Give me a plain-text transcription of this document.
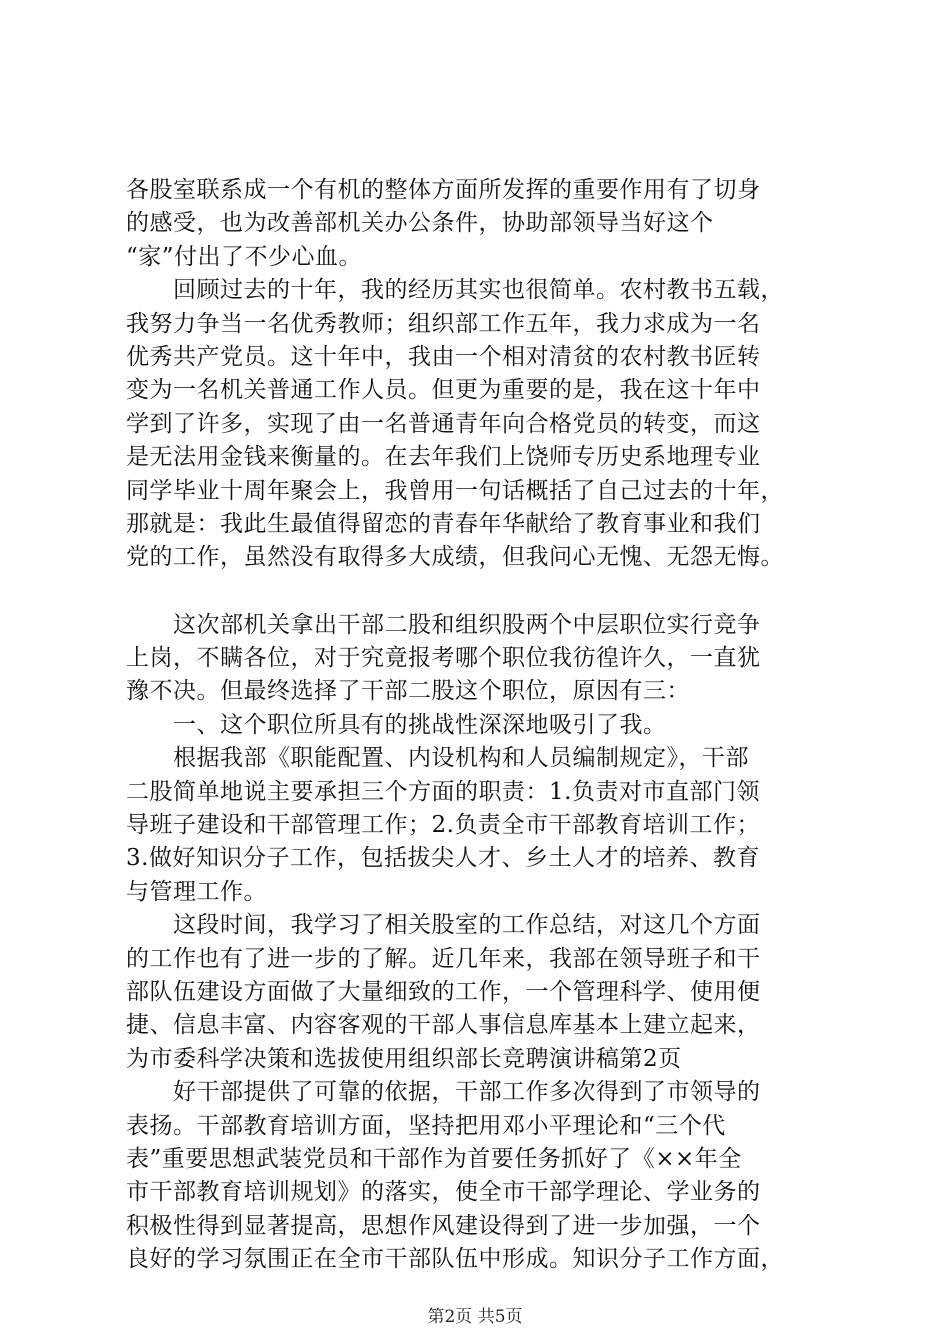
各股室联系成一个有机的整体方面所发挥的重要作用有了切身
的感受，也为改善部机关办公条件，协助部领导当好这个
“家”付出了不少心血。
　　回顾过去的十年，我的经历其实也很简单。农村教书五载，
我努力争当一名优秀教师；组织部工作五年，我力求成为一名
优秀共产党员。这十年中，我由一个相对清贫的农村教书匠转
变为一名机关普通工作人员。但更为重要的是，我在这十年中
学到了许多，实现了由一名普通青年向合格党员的转变，而这
是无法用金钱来衡量的。在去年我们上饶师专历史系地理专业
同学毕业十周年聚会上，我曾用一句话概括了自己过去的十年，
那就是：我此生最值得留恋的青春年华献给了教育事业和我们
党的工作，虽然没有取得多大成绩，但我问心无愧、无怨无悔。
　　这次部机关拿出干部二股和组织股两个中层职位实行竞争
上岗，不瞒各位，对于究竟报考哪个职位我彷徨许久，一直犹
豫不决。但最终选择了干部二股这个职位，原因有三：
　　一、这个职位所具有的挑战性深深地吸引了我。
　　根据我部《职能配置、内设机构和人员编制规定》，干部
二股简单地说主要承担三个方面的职责：1.负责对市直部门领
导班子建设和干部管理工作；2.负责全市干部教育培训工作；
3.做好知识分子工作，包括拔尖人才、乡土人才的培养、教育
与管理工作。
　　这段时间，我学习了相关股室的工作总结，对这几个方面
的工作也有了进一步的了解。近几年来，我部在领导班子和干
部队伍建设方面做了大量细致的工作，一个管理科学、使用便
捷、信息丰富、内容客观的干部人事信息库基本上建立起来，
为市委科学决策和选拔使用组织部长竞聘演讲稿第2页
　　好干部提供了可靠的依据，干部工作多次得到了市领导的
表扬。干部教育培训方面，坚持把用邓小平理论和“三个代
表”重要思想武装党员和干部作为首要任务抓好了《××年全
市干部教育培训规划》的落实，使全市干部学理论、学业务的
积极性得到显著提高，思想作风建设得到了进一步加强，一个
良好的学习氛围正在全市干部队伍中形成。知识分子工作方面，
第2页 共5页
